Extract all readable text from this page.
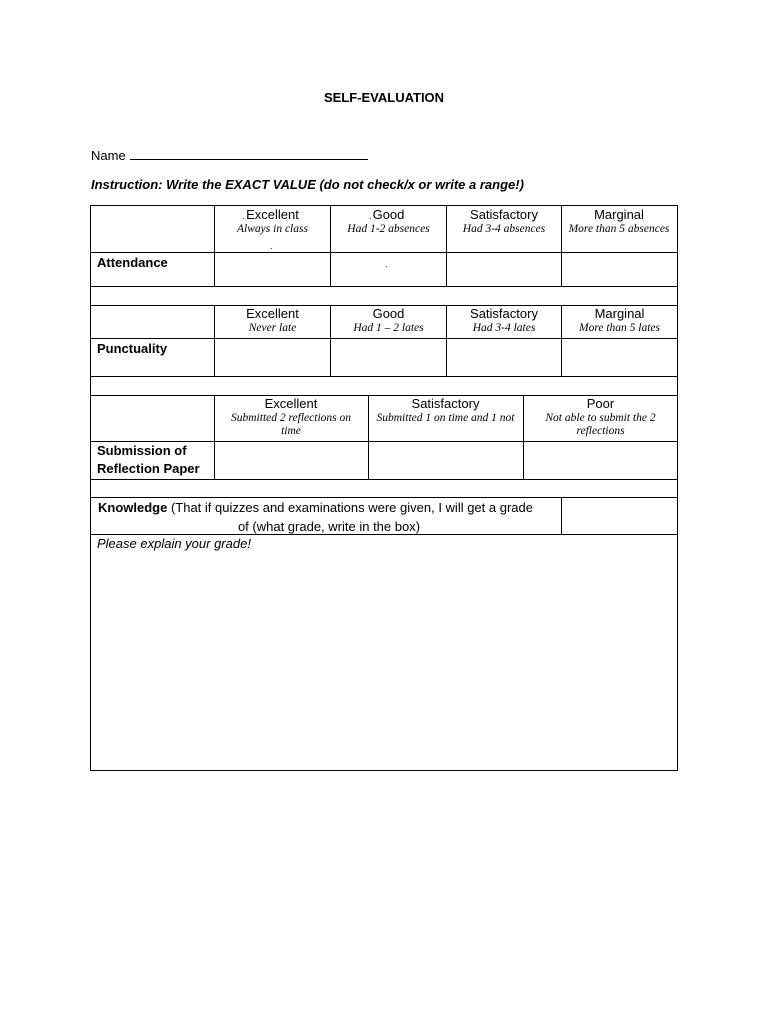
SELF-EVALUATION
Name
Instruction: Write the EXACT VALUE (do not check/x or write a range!)
Excellent
Always in class
Good
Had 1-2 absences
Satisfactory
Had 3-4 absences
Marginal
More than 5 absences
Attendance
.	.
.
.
Excellent
Never late
Good
Had 1 – 2 lates
Satisfactory
Had 3-4 lates
Marginal
More than 5 lates
Punctuality
Excellent
Submitted 2 reflections on time
Satisfactory
Submitted 1 on time and 1 not
Poor
Not able to submit the 2 reflections
Submission of
Reflection Paper
Knowledge (That if quizzes and examinations were given, I will get a grade
of (what grade, write in the box)
Please explain your grade!
